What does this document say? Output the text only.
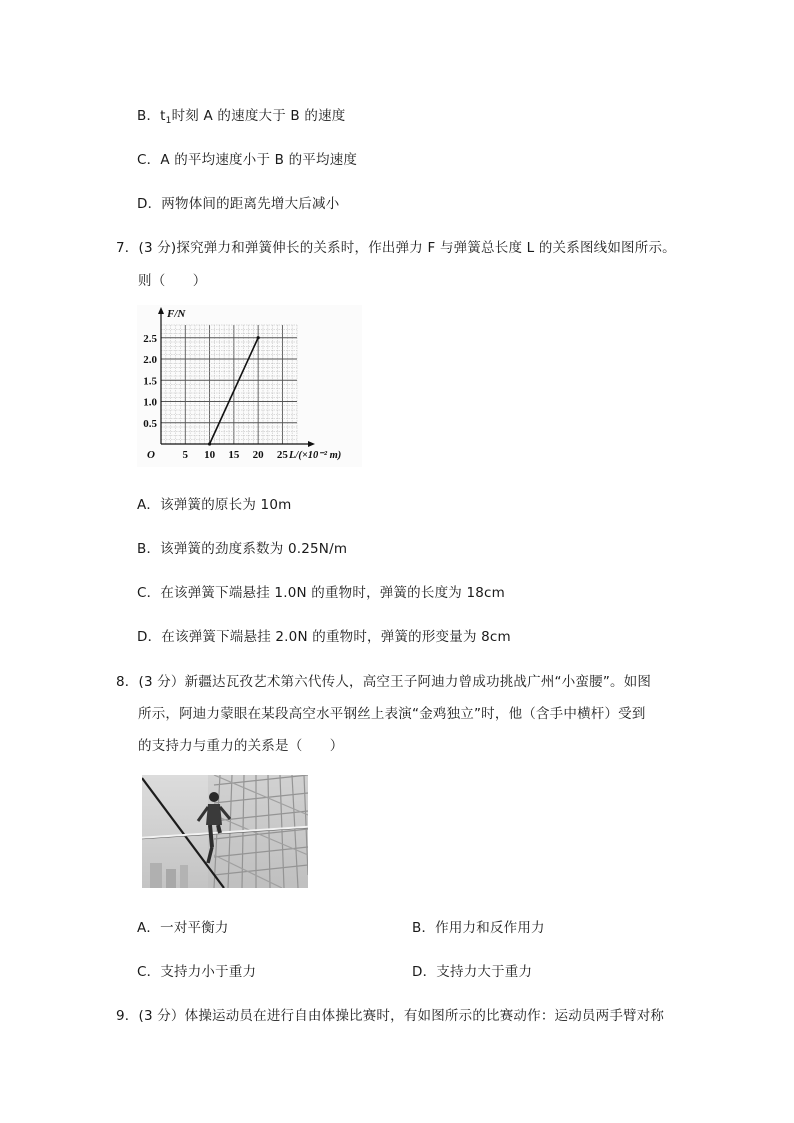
B．$t_1$时刻 A 的速度大于 B 的速度
C．A 的平均速度小于 B 的平均速度
D．两物体间的距离先增大后减小
7．(3 分)探究弹力和弹簧伸长的关系时，作出弹力 F 与弹簧总长度 L 的关系图线如图所示。
则（　　）
5 10 15 20 25
0.5
1.0
1.5
2.0
2.5
O
F/N
L/(×10⁻² m)
A．该弹簧的原长为 10m
B．该弹簧的劲度系数为 0.25N/m
C．在该弹簧下端悬挂 1.0N 的重物时，弹簧的长度为 18cm
D．在该弹簧下端悬挂 2.0N 的重物时，弹簧的形变量为 8cm
8．(3 分）新疆达瓦孜艺术第六代传人，高空王子阿迪力曾成功挑战广州“小蛮腰”。如图
所示，阿迪力蒙眼在某段高空水平钢丝上表演“金鸡独立”时，他（含手中横杆）受到
的支持力与重力的关系是（　　）
A．一对平衡力	B．作用力和反作用力
C．支持力小于重力	D．支持力大于重力
9．(3 分）体操运动员在进行自由体操比赛时，有如图所示的比赛动作：运动员两手臂对称
